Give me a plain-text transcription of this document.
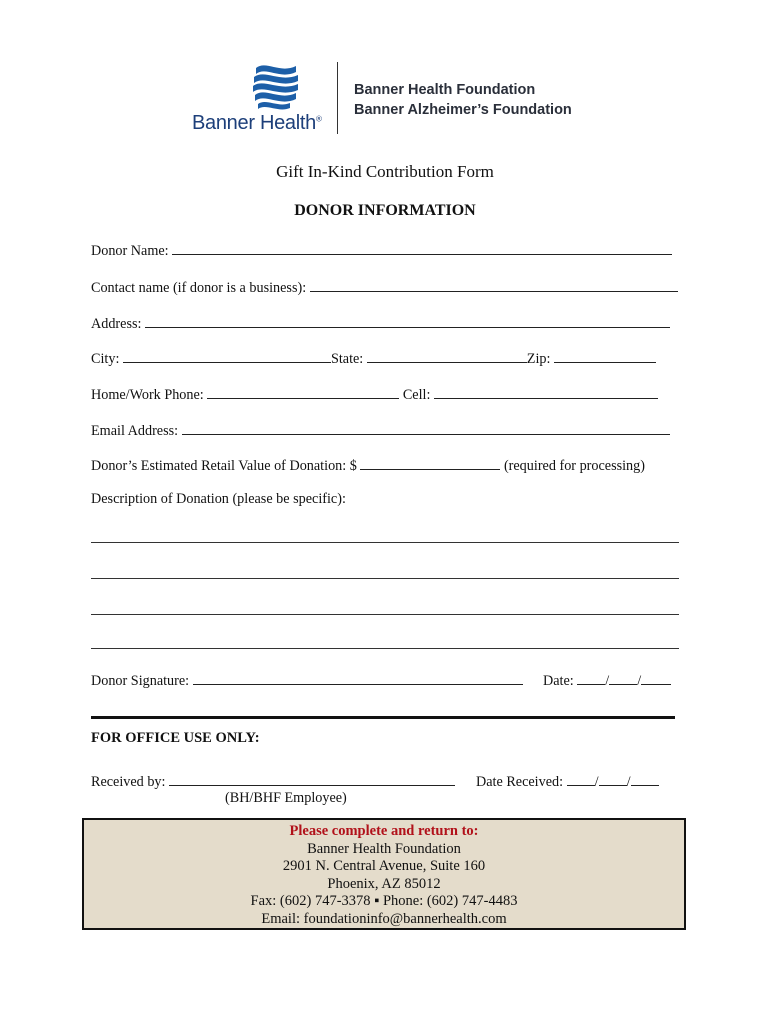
Banner Health®
Banner Health Foundation
Banner Alzheimer’s Foundation
Gift In-Kind Contribution Form
DONOR INFORMATION
Donor Name:
Contact name (if donor is a business):
Address:
City:	State:	Zip:
Home/Work Phone:	Cell:
Email Address:
Donor’s Estimated Retail Value of Donation: $	(required for processing)
Description of Donation (please be specific):
Donor Signature:	Date: / /
FOR OFFICE USE ONLY:
Received by:	Date Received: / /
(BH/BHF Employee)
Please complete and return to:
Banner Health Foundation
2901 N. Central Avenue, Suite 160
Phoenix, AZ 85012
Fax: (602) 747-3378 ▪ Phone: (602) 747-4483
Email: foundationinfo@bannerhealth.com
